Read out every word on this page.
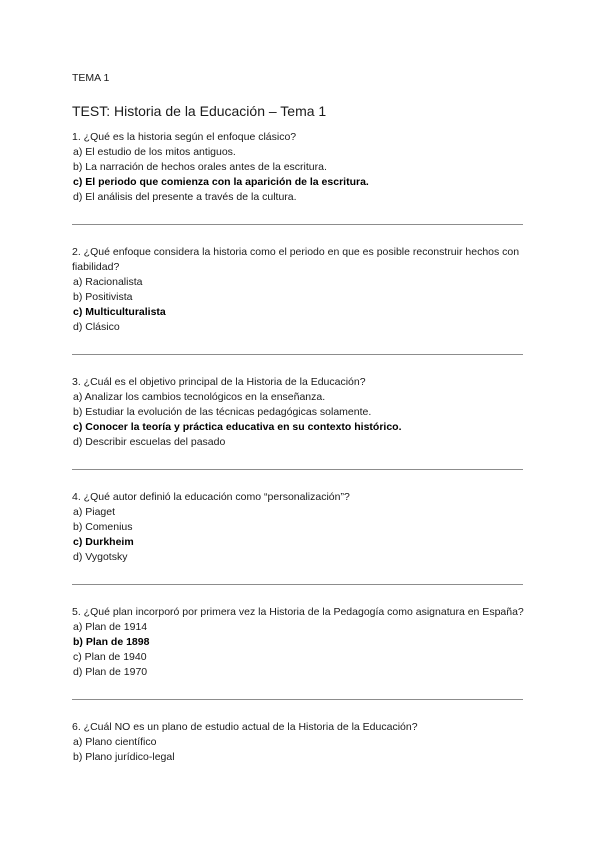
TEMA 1
TEST: Historia de la Educación – Tema 1

1. ¿Qué es la historia según el enfoque clásico?

a) El estudio de los mitos antiguos.
b) La narración de hechos orales antes de la escritura.
c) El periodo que comienza con la aparición de la escritura.
d) El análisis del presente a través de la cultura.

2. ¿Qué enfoque considera la historia como el periodo en que es posible reconstruir hechos con fiabilidad?

a) Racionalista
b) Positivista
c) Multiculturalista
d) Clásico

3. ¿Cuál es el objetivo principal de la Historia de la Educación?

a) Analizar los cambios tecnológicos en la enseñanza.
b) Estudiar la evolución de las técnicas pedagógicas solamente.
c) Conocer la teoría y práctica educativa en su contexto histórico.
d) Describir escuelas del pasado

4. ¿Qué autor definió la educación como “personalización”?

a) Piaget
b) Comenius
c) Durkheim
d) Vygotsky

5. ¿Qué plan incorporó por primera vez la Historia de la Pedagogía como asignatura en España?

a) Plan de 1914
b) Plan de 1898
c) Plan de 1940
d) Plan de 1970

6. ¿Cuál NO es un plano de estudio actual de la Historia de la Educación?

a) Plano científico
b) Plano jurídico-legal
